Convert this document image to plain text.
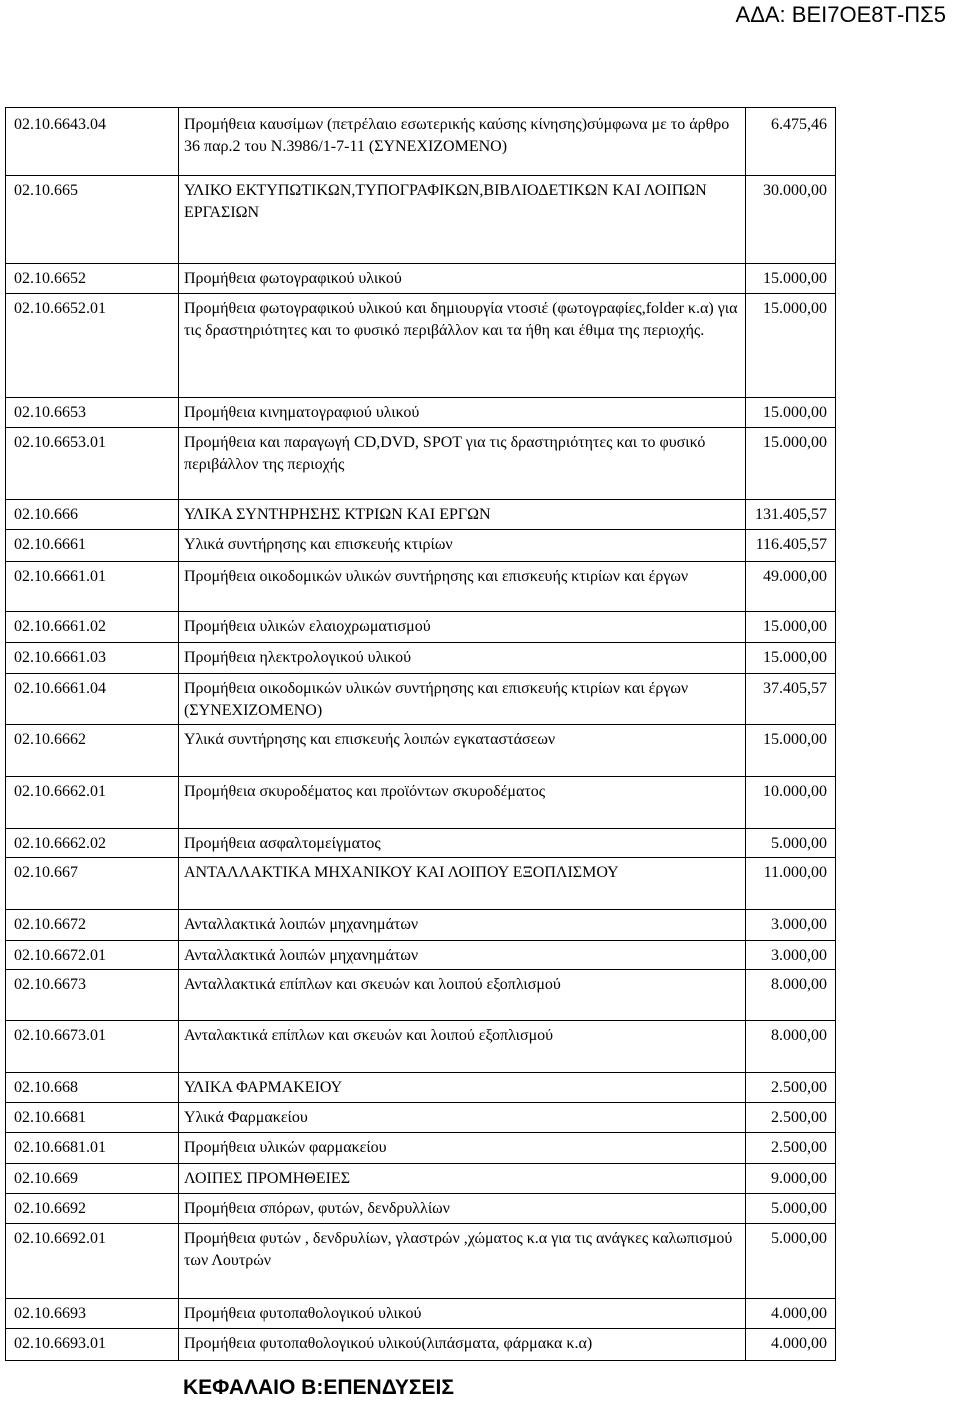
ΑΔΑ: ΒΕΙ7ΟΕ8Τ-ΠΣ5
02.10.6643.04	Προμήθεια καυσίμων (πετρέλαιο εσωτερικής καύσης κίνησης)σύμφωνα με το άρθρο 36 παρ.2 του Ν.3986/1-7-11 (ΣΥΝΕΧΙΖΟΜΕΝΟ)	6.475,46
02.10.665	ΥΛΙΚΟ ΕΚΤΥΠΩΤΙΚΩΝ,ΤΥΠΟΓΡΑΦΙΚΩΝ,ΒΙΒΛΙΟΔΕΤΙΚΩΝ ΚΑΙ ΛΟΙΠΩΝ ΕΡΓΑΣΙΩΝ	30.000,00
02.10.6652	Προμήθεια φωτογραφικού υλικού	15.000,00
02.10.6652.01	Προμήθεια φωτογραφικού υλικού και δημιουργία ντοσιέ (φωτογραφίες,folder κ.α) για τις δραστηριότητες και το φυσικό περιβάλλον και τα ήθη και έθιμα της περιοχής.	15.000,00
02.10.6653	Προμήθεια κινηματογραφιού υλικού	15.000,00
02.10.6653.01	Προμήθεια και παραγωγή CD,DVD, SPOT για τις δραστηριότητες και το φυσικό περιβάλλον της περιοχής	15.000,00
02.10.666	ΥΛΙΚΑ ΣΥΝΤΗΡΗΣΗΣ ΚΤΡΙΩΝ ΚΑΙ ΕΡΓΩΝ	131.405,57
02.10.6661	Υλικά συντήρησης και επισκευής κτιρίων	116.405,57
02.10.6661.01	Προμήθεια οικοδομικών υλικών συντήρησης και επισκευής κτιρίων και έργων	49.000,00
02.10.6661.02	Προμήθεια υλικών ελαιοχρωματισμού	15.000,00
02.10.6661.03	Προμήθεια ηλεκτρολογικού υλικού	15.000,00
02.10.6661.04	Προμήθεια οικοδομικών υλικών συντήρησης και επισκευής κτιρίων και έργων (ΣΥΝΕΧΙΖΟΜΕΝΟ)	37.405,57
02.10.6662	Υλικά συντήρησης και επισκευής λοιπών εγκαταστάσεων	15.000,00
02.10.6662.01	Προμήθεια σκυροδέματος και προϊόντων σκυροδέματος	10.000,00
02.10.6662.02	Προμήθεια ασφαλτομείγματος	5.000,00
02.10.667	ΑΝΤΑΛΛΑΚΤΙΚΑ ΜΗΧΑΝΙΚΟΥ ΚΑΙ ΛΟΙΠΟΥ ΕΞΟΠΛΙΣΜΟΥ	11.000,00
02.10.6672	Ανταλλακτικά λοιπών μηχανημάτων	3.000,00
02.10.6672.01	Ανταλλακτικά λοιπών μηχανημάτων	3.000,00
02.10.6673	Ανταλλακτικά επίπλων και σκευών και λοιπού εξοπλισμού	8.000,00
02.10.6673.01	Ανταλακτικά επίπλων και σκευών και λοιπού εξοπλισμού	8.000,00
02.10.668	ΥΛΙΚΑ ΦΑΡΜΑΚΕΙΟΥ	2.500,00
02.10.6681	Υλικά Φαρμακείου	2.500,00
02.10.6681.01	Προμήθεια υλικών φαρμακείου	2.500,00
02.10.669	ΛΟΙΠΕΣ ΠΡΟΜΗΘΕΙΕΣ	9.000,00
02.10.6692	Προμήθεια σπόρων, φυτών, δενδρυλλίων	5.000,00
02.10.6692.01	Προμήθεια φυτών , δενδρυλίων, γλαστρών ,χώματος κ.α για τις ανάγκες καλωπισμού των Λουτρών	5.000,00
02.10.6693	Προμήθεια φυτοπαθολογικού υλικού	4.000,00
02.10.6693.01	Προμήθεια φυτοπαθολογικού υλικού(λιπάσματα, φάρμακα κ.α)	4.000,00
ΚΕΦΑΛΑΙΟ Β:ΕΠΕΝΔΥΣΕΙΣ
